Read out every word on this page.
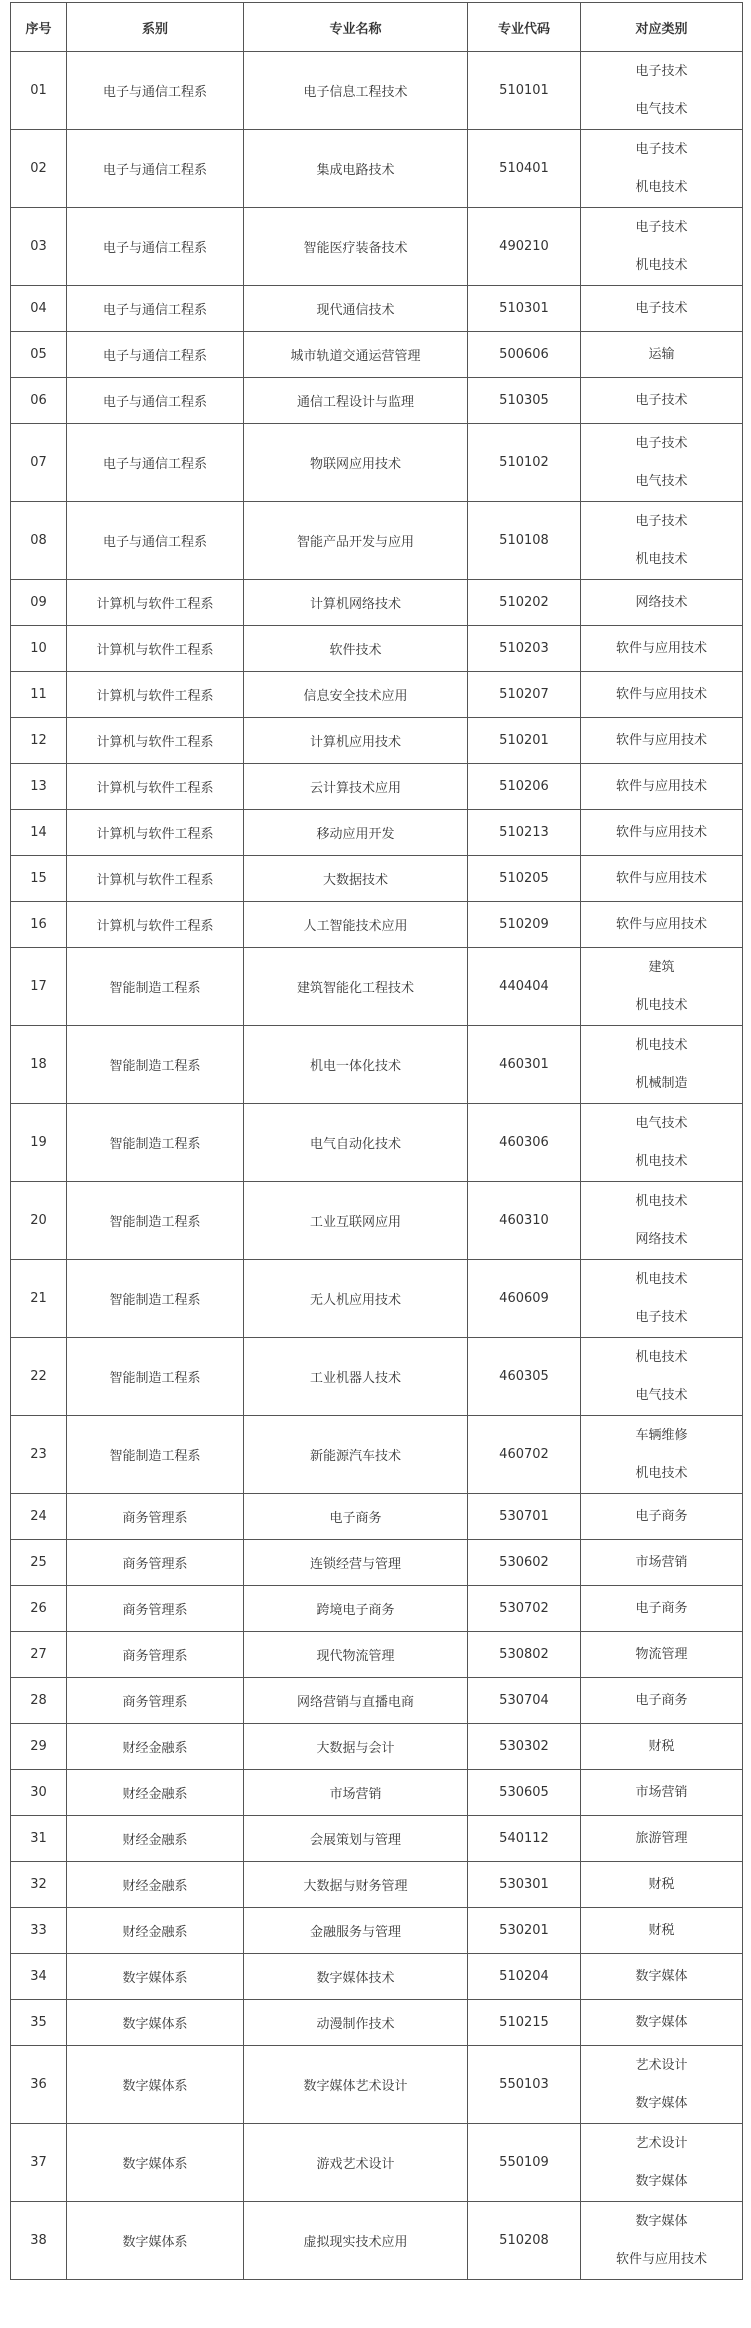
序号	系别	专业名称	专业代码	对应类别
01	电子与通信工程系	电子信息工程技术	510101	电子技术
电气技术

02	电子与通信工程系	集成电路技术	510401	电子技术
机电技术

03	电子与通信工程系	智能医疗装备技术	490210	电子技术
机电技术

04	电子与通信工程系	现代通信技术	510301	电子技术

05	电子与通信工程系	城市轨道交通运营管理	500606	运输

06	电子与通信工程系	通信工程设计与监理	510305	电子技术

07	电子与通信工程系	物联网应用技术	510102	电子技术
电气技术

08	电子与通信工程系	智能产品开发与应用	510108	电子技术
机电技术

09	计算机与软件工程系	计算机网络技术	510202	网络技术

10	计算机与软件工程系	软件技术	510203	软件与应用技术

11	计算机与软件工程系	信息安全技术应用	510207	软件与应用技术

12	计算机与软件工程系	计算机应用技术	510201	软件与应用技术

13	计算机与软件工程系	云计算技术应用	510206	软件与应用技术

14	计算机与软件工程系	移动应用开发	510213	软件与应用技术

15	计算机与软件工程系	大数据技术	510205	软件与应用技术

16	计算机与软件工程系	人工智能技术应用	510209	软件与应用技术

17	智能制造工程系	建筑智能化工程技术	440404	建筑
机电技术

18	智能制造工程系	机电一体化技术	460301	机电技术
机械制造

19	智能制造工程系	电气自动化技术	460306	电气技术
机电技术

20	智能制造工程系	工业互联网应用	460310	机电技术
网络技术

21	智能制造工程系	无人机应用技术	460609	机电技术
电子技术

22	智能制造工程系	工业机器人技术	460305	机电技术
电气技术

23	智能制造工程系	新能源汽车技术	460702	车辆维修
机电技术

24	商务管理系	电子商务	530701	电子商务

25	商务管理系	连锁经营与管理	530602	市场营销

26	商务管理系	跨境电子商务	530702	电子商务

27	商务管理系	现代物流管理	530802	物流管理

28	商务管理系	网络营销与直播电商	530704	电子商务

29	财经金融系	大数据与会计	530302	财税

30	财经金融系	市场营销	530605	市场营销

31	财经金融系	会展策划与管理	540112	旅游管理

32	财经金融系	大数据与财务管理	530301	财税

33	财经金融系	金融服务与管理	530201	财税

34	数字媒体系	数字媒体技术	510204	数字媒体

35	数字媒体系	动漫制作技术	510215	数字媒体

36	数字媒体系	数字媒体艺术设计	550103	艺术设计
数字媒体

37	数字媒体系	游戏艺术设计	550109	艺术设计
数字媒体

38	数字媒体系	虚拟现实技术应用	510208	数字媒体
软件与应用技术
